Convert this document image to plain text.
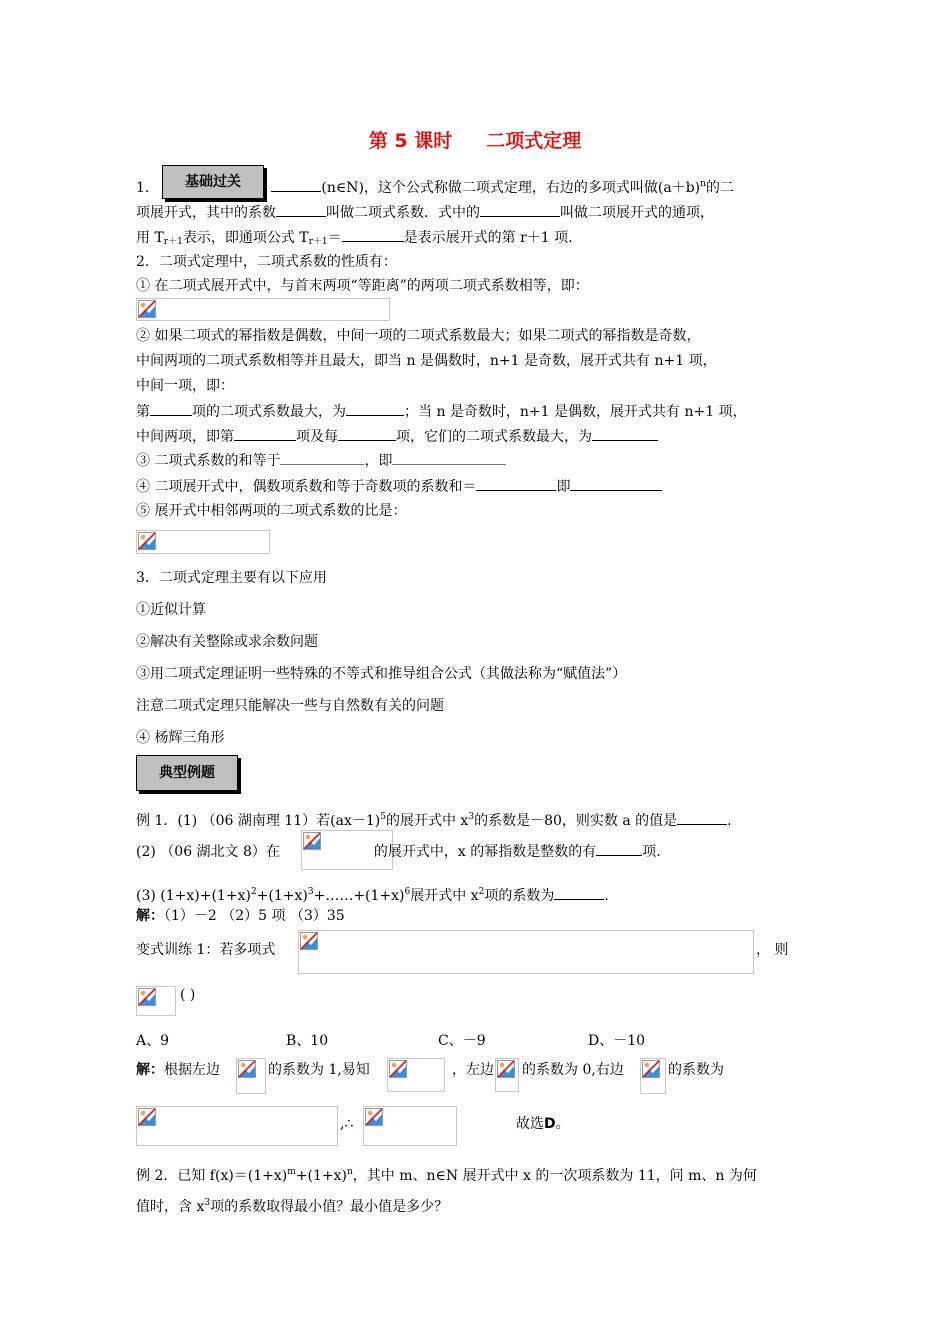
第 5 课时 二项式定理
基础过关
1.	(n∈N)，这个公式称做二项式定理，右边的多项式叫做$(a+b)^n$的二
项展开式，其中的系数	叫做二项式系数．式中的	叫做二项展开式的通项，
用 $T_{r+1}$表示，即通项公式 $T_{r+1}=$	是表示展开式的第 r＋1 项.
2．二项式定理中，二项式系数的性质有：
① 在二项式展开式中，与首末两项“等距离”的两项二项式系数相等，即：
② 如果二项式的幂指数是偶数，中间一项的二项式系数最大；如果二项式的幂指数是奇数，
中间两项的二项式系数相等并且最大，即当 n 是偶数时，n+1 是奇数，展开式共有 n+1 项，
中间一项，即：
第	项的二项式系数最大，为	；当 n 是奇数时，n+1 是偶数，展开式共有 n+1 项，
中间两项，即第	项及每	项，它们的二项式系数最大，为
③ 二项式系数的和等于	，即
④ 二项展开式中，偶数项系数和等于奇数项的系数和＝	即
⑤ 展开式中相邻两项的二项式系数的比是：
3．二项式定理主要有以下应用
①近似计算
②解决有关整除或求余数问题
③用二项式定理证明一些特殊的不等式和推导组合公式（其做法称为“赋值法”）
注意二项式定理只能解决一些与自然数有关的问题
④ 杨辉三角形
典型例题
例 1．(1) （06 湖南理 11）若$(ax-1)^5$的展开式中 $x^3$的系数是－80，则实数 a 的值是	.
(2) （06 湖北文 8）在	的展开式中，x 的幂指数是整数的有	项.
(3) $(1+x)+(1+x)^2+(1+x)^3+\dots\dots+(1+x)^6$展开式中 $x^2$项的系数为	.
解：（1）－2 （2）5 项 （3）35
变式训练 1：若多项式	， 则
( )
A、9	B、10	C、－9	D、－10
解：根据左边	的系数为 1,易知	，左边 的系数为 0,右边	的系数为
,∴	故选D。
例 2．已知 $f(x)=(1+x)^m+(1+x)^n$，其中 m、n∈N 展开式中 x 的一次项系数为 11，问 m、n 为何
值时，含 $x^3$项的系数取得最小值？最小值是多少？
